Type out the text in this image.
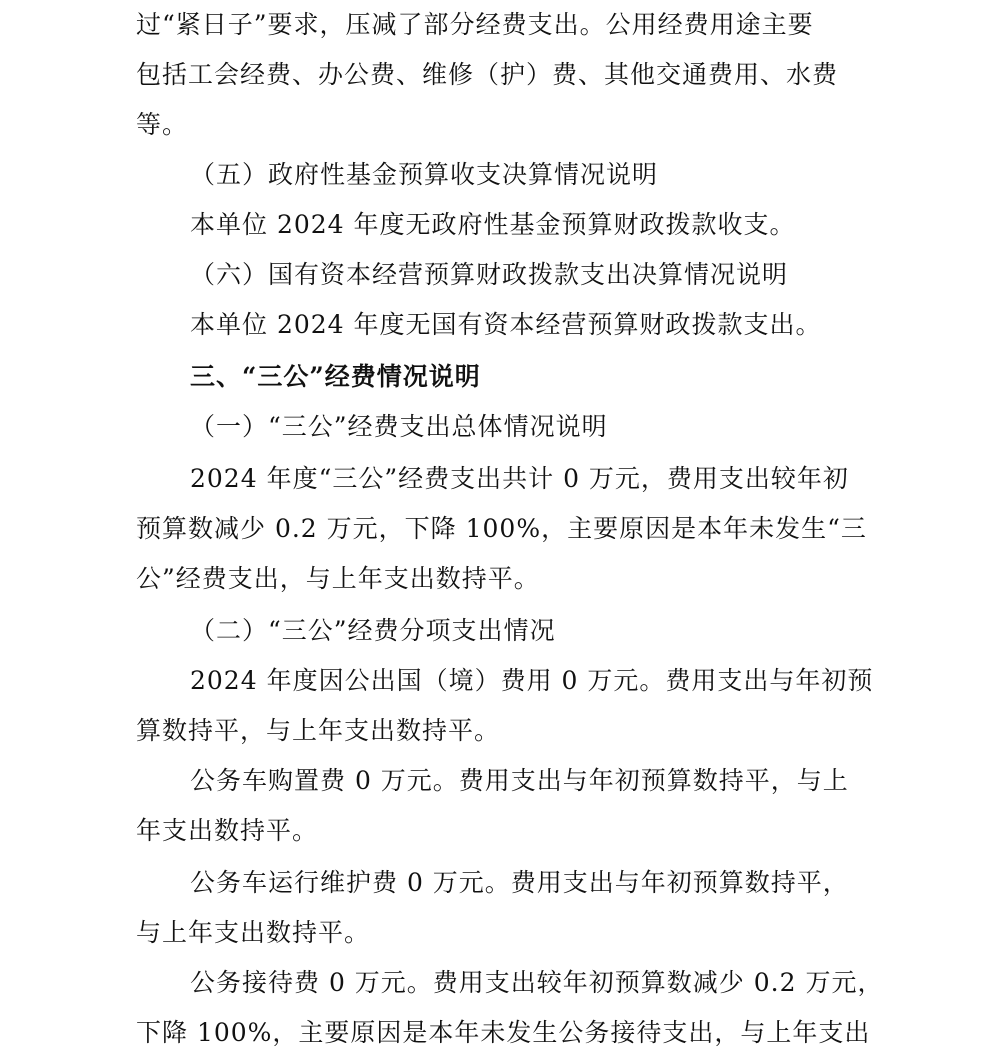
过“紧日子”要求，压减了部分经费支出。公用经费用途主要
包括工会经费、办公费、维修（护）费、其他交通费用、水费
等。
（五）政府性基金预算收支决算情况说明
本单位 2024 年度无政府性基金预算财政拨款收支。
（六）国有资本经营预算财政拨款支出决算情况说明
本单位 2024 年度无国有资本经营预算财政拨款支出。
三、“三公”经费情况说明
（一）“三公”经费支出总体情况说明
2024 年度“三公”经费支出共计 0 万元，费用支出较年初
预算数减少 0.2 万元，下降 100%，主要原因是本年未发生“三
公”经费支出，与上年支出数持平。
（二）“三公”经费分项支出情况
2024 年度因公出国（境）费用 0 万元。费用支出与年初预
算数持平，与上年支出数持平。
公务车购置费 0 万元。费用支出与年初预算数持平，与上
年支出数持平。
公务车运行维护费 0 万元。费用支出与年初预算数持平，
与上年支出数持平。
公务接待费 0 万元。费用支出较年初预算数减少 0.2 万元，
下降 100%，主要原因是本年未发生公务接待支出，与上年支出
